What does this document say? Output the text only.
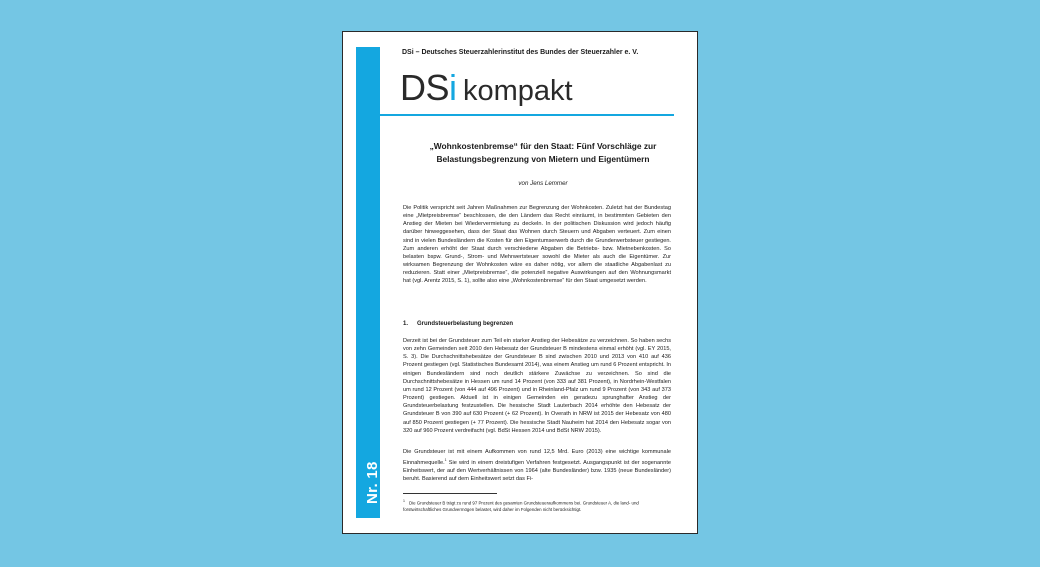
Nr. 18 17. April 2015
DSi – Deutsches Steuerzahlerinstitut des Bundes der Steuerzahler e. V.
DSi kompakt
„Wohnkostenbremse“ für den Staat: Fünf Vorschläge zur
Belastungsbegrenzung von Mietern und Eigentümern
von Jens Lemmer

Die Politik verspricht seit Jahren Maßnahmen zur Begrenzung der Wohnkosten. Zuletzt hat der Bundestag eine „Mietpreisbremse“ beschlossen, die den Ländern das Recht einräumt, in bestimmten Gebieten den Anstieg der Mieten bei Wiedervermietung zu deckeln. In der politischen Diskussion wird jedoch häufig darüber hinweggesehen, dass der Staat das Wohnen durch Steuern und Abgaben verteuert. Zum einen sind in vielen Bundesländern die Kosten für den Eigentumserwerb durch die Grunderwerbsteuer gestiegen. Zum anderen erhöht der Staat durch verschiedene Abgaben die Betriebs- bzw. Mietnebenkosten. So belasten bspw. Grund-, Strom- und Mehrwertsteuer sowohl die Mieter als auch die Eigentümer. Zur wirksamen Begrenzung der Wohnkosten wäre es daher nötig, vor allem die staatliche Abgabenlast zu reduzieren. Statt einer „Mietpreisbremse“, die potenziell negative Auswirkungen auf den Wohnungsmarkt hat (vgl. Arentz 2015, S. 1), sollte also eine „Wohnkostenbremse“ für den Staat umgesetzt werden.

1. Grundsteuerbelastung begrenzen

Derzeit ist bei der Grundsteuer zum Teil ein starker Anstieg der Hebesätze zu verzeichnen. So haben sechs von zehn Gemeinden seit 2010 den Hebesatz der Grundsteuer B mindestens einmal erhöht (vgl. EY 2015, S. 3). Die Durchschnittshebesätze der Grundsteuer B sind zwischen 2010 und 2013 von 410 auf 436 Prozent gestiegen (vgl. Statistisches Bundesamt 2014), was einem Anstieg um rund 6 Prozent entspricht. In einigen Bundesländern sind noch deutlich stärkere Zuwächse zu verzeichnen. So sind die Durchschnittshebesätze in Hessen um rund 14 Prozent (von 333 auf 381 Prozent), in Nordrhein-Westfalen um rund 12 Prozent (von 444 auf 496 Prozent) und in Rheinland-Pfalz um rund 9 Prozent (von 343 auf 373 Prozent) gestiegen. Aktuell ist in einigen Gemeinden ein geradezu sprunghafter Anstieg der Grundsteuerbelastung festzustellen. Die hessische Stadt Lauterbach 2014 erhöhte den Hebesatz der Grundsteuer B von 390 auf 630 Prozent (+ 62 Prozent). In Overath in NRW ist 2015 der Hebesatz von 480 auf 850 Prozent gestiegen (+ 77 Prozent). Die hessische Stadt Nauheim hat 2014 den Hebesatz sogar von 320 auf 960 Prozent verdreifacht (vgl. BdSt Hessen 2014 und BdSt NRW 2015).

Die Grundsteuer ist mit einem Aufkommen von rund 12,5 Mrd. Euro (2013) eine wichtige kommunale Einnahmequelle.$^1$ Sie wird in einem dreistufigen Verfahren festgesetzt. Ausgangspunkt ist der sogenannte Einheitswert, der auf den Wertverhältnissen von 1964 (alte Bundesländer) bzw. 1935 (neue Bundesländer) beruht. Basierend auf dem Einheitswert setzt das Fi-

$^1$ Die Grundsteuer B trägt zu rund 97 Prozent des gesamten Grundsteueraufkommens bei. Grundsteuer A, die land- und forstwirtschaftliches Grundvermögen belastet, wird daher im Folgenden nicht berücksichtigt.
